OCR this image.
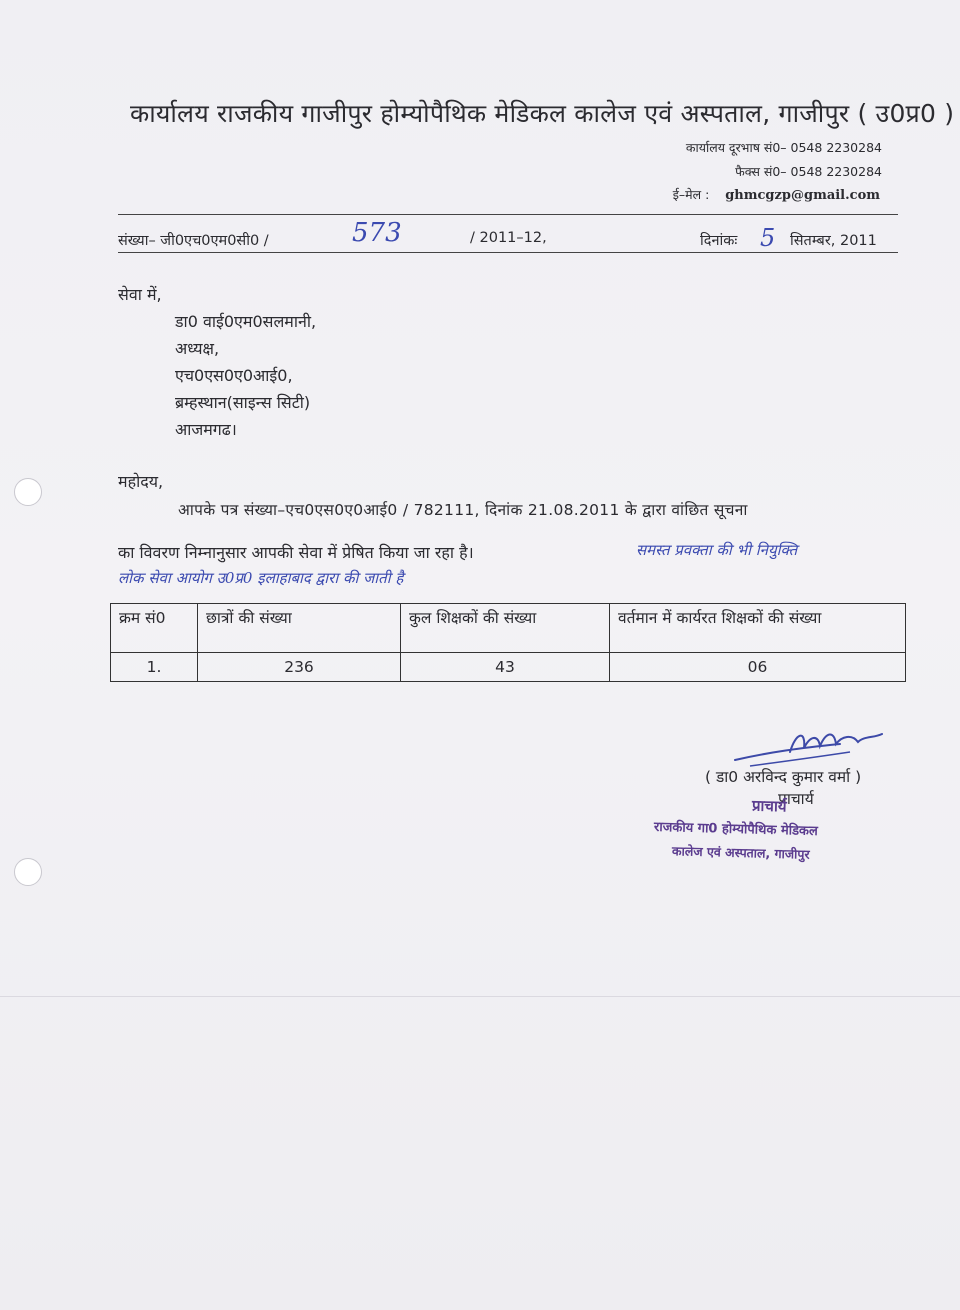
कार्यालय राजकीय गाजीपुर होम्योपैथिक मेडिकल कालेज एवं अस्पताल, गाजीपुर ( उ0प्र0 )
कार्यालय दूरभाष सं0– 0548 2230284
फैक्स सं0– 0548 2230284
ई–मेल : ghmcgzp@gmail.com
संख्या– जी0एच0एम0सी0 /	573	/ 2011–12,	दिनांकः 5 सितम्बर, 2011
सेवा में,
डा0 वाई0एम0सलमानी,
अध्यक्ष,
एच0एस0ए0आई0,
ब्रम्हस्थान(साइन्स सिटी)
आजमगढ।
महोदय,
आपके पत्र संख्या–एच0एस0ए0आई0 / 782111, दिनांक 21.08.2011 के द्वारा वांछित सूचना
का विवरण निम्नानुसार आपकी सेवा में प्रेषित किया जा रहा है।	समस्त प्रवक्ता की भी नियुक्ति
लोक सेवा आयोग उ0प्र0 इलाहाबाद द्वारा की जाती है
क्रम सं0	छात्रों की संख्या	कुल शिक्षकों की संख्या	वर्तमान में कार्यरत शिक्षकों की संख्या
1.	236	43	06
( डा0 अरविन्द कुमार वर्मा )
प्राचार्य
प्राचार्य
राजकीय गा0 होम्योपैथिक मेडिकल
कालेज एवं अस्पताल, गाजीपुर
